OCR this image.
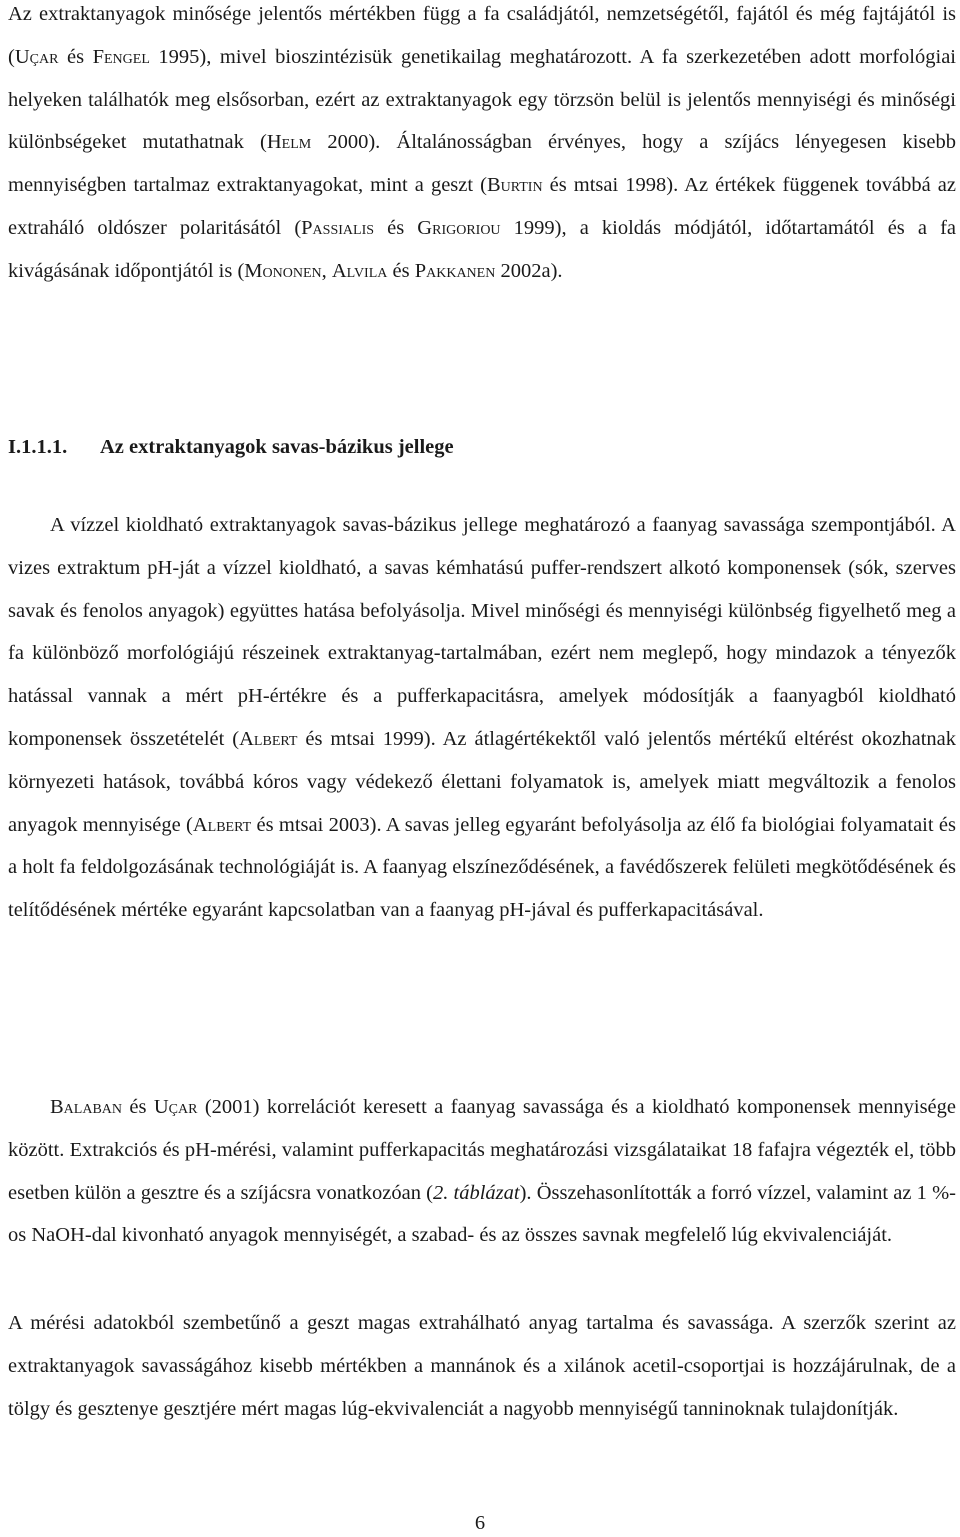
Az extraktanyagok minősége jelentős mértékben függ a fa családjától, nemzetségétől, fajától és még fajtájától is (Uçar és Fengel 1995), mivel bioszintézisük genetikailag meghatározott. A fa szerkezetében adott morfológiai helyeken találhatók meg elsősorban, ezért az extraktanyagok egy törzsön belül is jelentős mennyiségi és minőségi különbségeket mutathatnak (Helm 2000). Általánosságban érvényes, hogy a szíjács lényegesen kisebb mennyiségben tartalmaz extraktanyagokat, mint a geszt (Burtin és mtsai 1998). Az értékek függenek továbbá az extraháló oldószer polaritásától (Passialis és Grigoriou 1999), a kioldás módjától, időtartamától és a fa kivágásának időpontjától is (Mononen, Alvila és Pakkanen 2002a).

I.1.1.1. Az extraktanyagok savas-bázikus jellege

A vízzel kioldható extraktanyagok savas-bázikus jellege meghatározó a faanyag savassága szempontjából. A vizes extraktum pH-ját a vízzel kioldható, a savas kémhatású puffer-rendszert alkotó komponensek (sók, szerves savak és fenolos anyagok) együttes hatása befolyásolja. Mivel minőségi és mennyiségi különbség figyelhető meg a fa különböző morfológiájú részeinek extraktanyag-tartalmában, ezért nem meglepő, hogy mindazok a tényezők hatással vannak a mért pH-értékre és a pufferkapacitásra, amelyek módosítják a faanyagból kioldható komponensek összetételét (Albert és mtsai 1999). Az átlagértékektől való jelentős mértékű eltérést okozhatnak környezeti hatások, továbbá kóros vagy védekező élettani folyamatok is, amelyek miatt megváltozik a fenolos anyagok mennyisége (Albert és mtsai 2003). A savas jelleg egyaránt befolyásolja az élő fa biológiai folyamatait és a holt fa feldolgozásának technológiáját is. A faanyag elszíneződésének, a favédőszerek felületi megkötődésének és telítődésének mértéke egyaránt kapcsolatban van a faanyag pH-jával és pufferkapacitásával.

Balaban és Uçar (2001) korrelációt keresett a faanyag savassága és a kioldható komponensek mennyisége között. Extrakciós és pH-mérési, valamint pufferkapacitás meghatározási vizsgálataikat 18 fafajra végezték el, több esetben külön a gesztre és a szíjácsra vonatkozóan (2. táblázat). Összehasonlították a forró vízzel, valamint az 1 %-os NaOH-dal kivonható anyagok mennyiségét, a szabad- és az összes savnak megfelelő lúg ekvivalenciáját.

A mérési adatokból szembetűnő a geszt magas extrahálható anyag tartalma és savassága. A szerzők szerint az extraktanyagok savasságához kisebb mértékben a mannánok és a xilánok acetil-csoportjai is hozzájárulnak, de a tölgy és gesztenye gesztjére mért magas lúg-ekvivalenciát a nagyobb mennyiségű tanninoknak tulajdonítják.

6
